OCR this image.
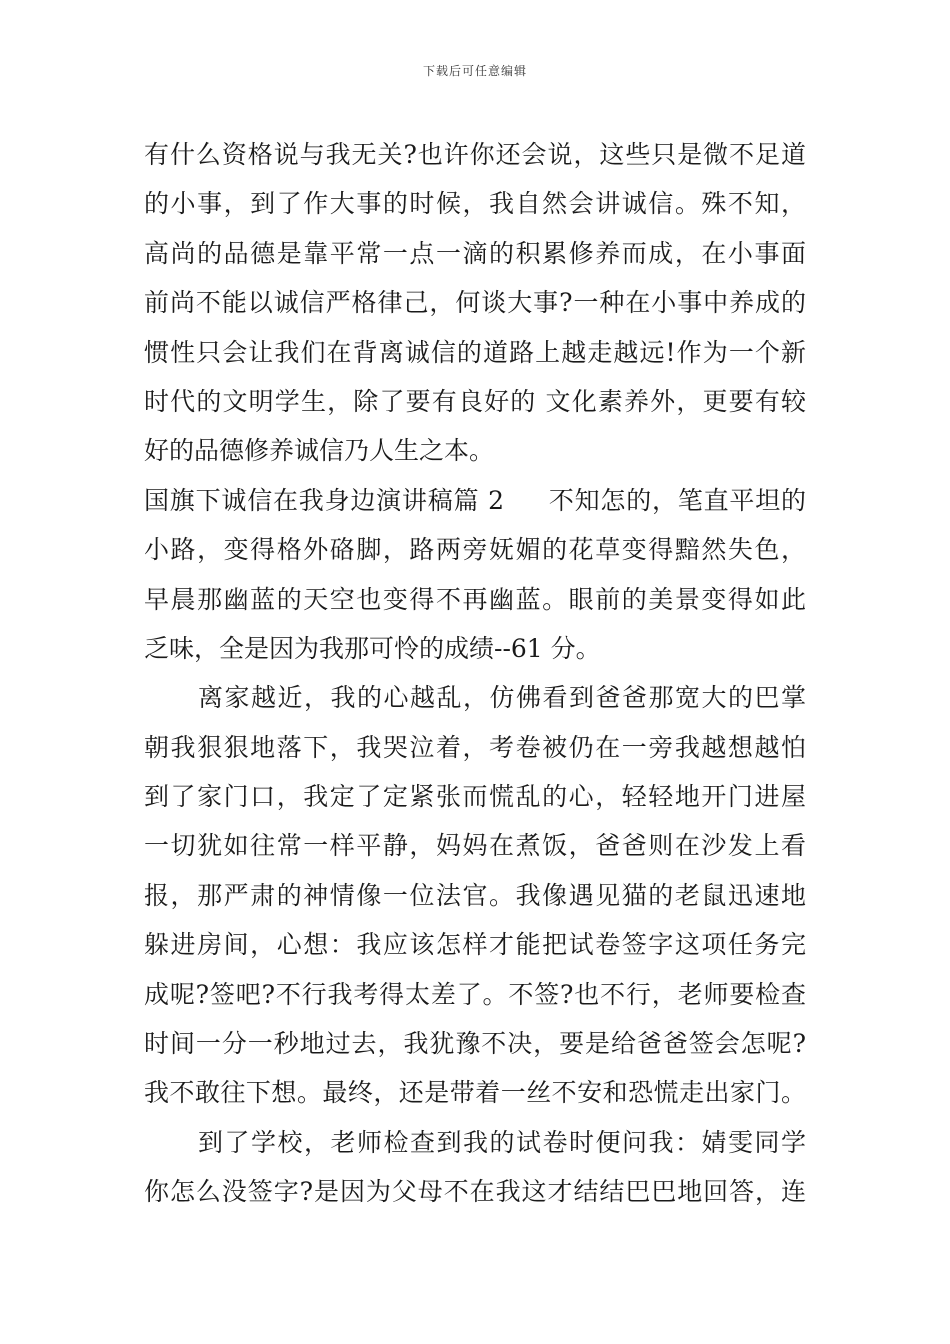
下载后可任意编辑
有什么资格说与我无关?也许你还会说，这些只是微不足道
的小事，到了作大事的时候，我自然会讲诚信。殊不知，
高尚的品德是靠平常一点一滴的积累修养而成，在小事面
前尚不能以诚信严格律己，何谈大事?一种在小事中养成的
惯性只会让我们在背离诚信的道路上越走越远!作为一个新
时代的文明学生，除了要有良好的 文化素养外，更要有较
好的品德修养诚信乃人生之本。
国旗下诚信在我身边演讲稿篇 2 不知怎的，笔直平坦的
小路，变得格外硌脚，路两旁妩媚的花草变得黯然失色，
早晨那幽蓝的天空也变得不再幽蓝。眼前的美景变得如此
乏味，全是因为我那可怜的成绩--61 分。
离家越近，我的心越乱，仿佛看到爸爸那宽大的巴掌
朝我狠狠地落下，我哭泣着，考卷被仍在一旁我越想越怕
到了家门口，我定了定紧张而慌乱的心，轻轻地开门进屋
一切犹如往常一样平静，妈妈在煮饭，爸爸则在沙发上看
报，那严肃的神情像一位法官。我像遇见猫的老鼠迅速地
躲进房间，心想：我应该怎样才能把试卷签字这项任务完
成呢?签吧?不行我考得太差了。不签?也不行，老师要检查
时间一分一秒地过去，我犹豫不决，要是给爸爸签会怎呢?
我不敢往下想。最终，还是带着一丝不安和恐慌走出家门。
到了学校，老师检查到我的试卷时便问我：婧雯同学
你怎么没签字?是因为父母不在我这才结结巴巴地回答，连
